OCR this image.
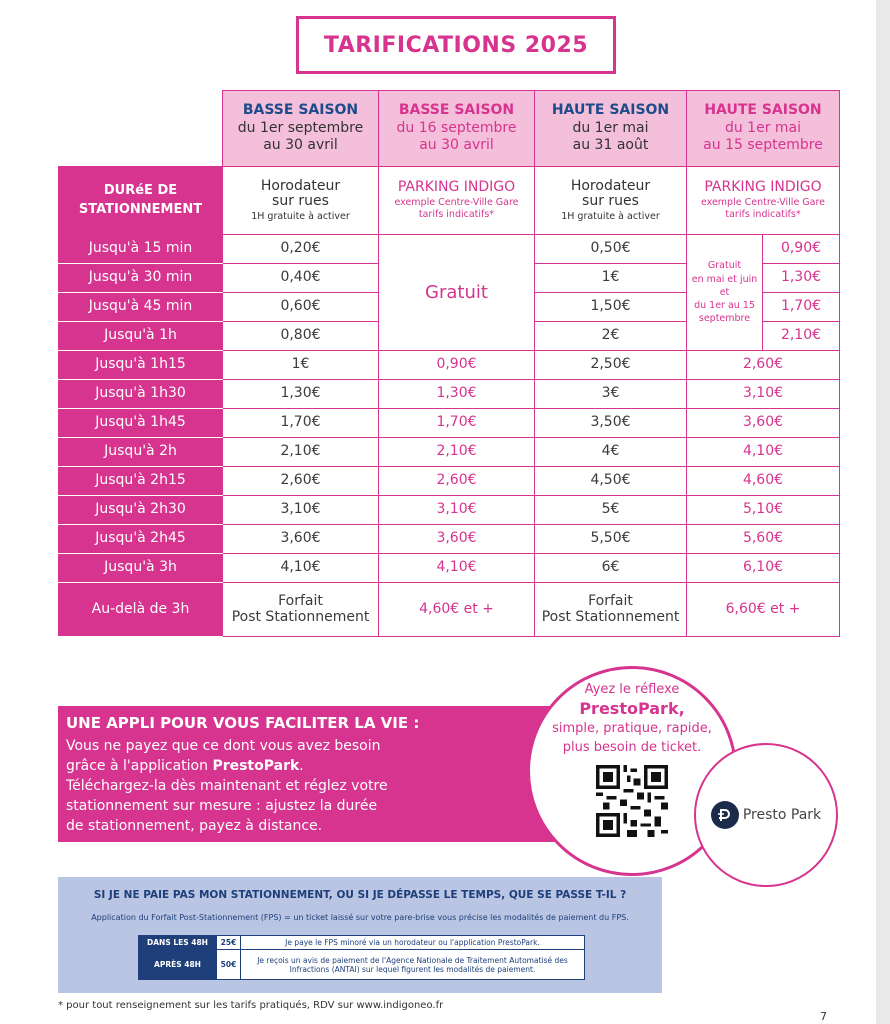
TARIFICATIONS 2025

	BASSE SAISON
du 1er septembre
au 30 avril	BASSE SAISON
du 16 septembre
au 30 avril	HAUTE SAISON
du 1er mai
au 31 août	HAUTE SAISON
du 1er mai
au 15 septembre	

DURéE DE
STATIONNEMENT	Horodateur
sur rues
1H gratuite à activer	PARKING INDIGO
exemple Centre-Ville Gare
tarifs indicatifs*	Horodateur
sur rues
1H gratuite à activer	PARKING INDIGO
exemple Centre-Ville Gare
tarifs indicatifs*	

Jusqu'à 15 min	0,20€	Gratuit	0,50€	Gratuit
en mai et juin
et
du 1er au 15
septembre	0,90€
Jusqu'à 30 min	0,40€		1€		1,30€
Jusqu'à 45 min	0,60€		1,50€		1,70€
Jusqu'à 1h	0,80€		2€		2,10€
Jusqu'à 1h15	1€	0,90€	2,50€	2,60€	
Jusqu'à 1h30	1,30€	1,30€	3€	3,10€	
Jusqu'à 1h45	1,70€	1,70€	3,50€	3,60€	
Jusqu'à 2h	2,10€	2,10€	4€	4,10€	
Jusqu'à 2h15	2,60€	2,60€	4,50€	4,60€	
Jusqu'à 2h30	3,10€	3,10€	5€	5,10€	
Jusqu'à 2h45	3,60€	3,60€	5,50€	5,60€	
Jusqu'à 3h	4,10€	4,10€	6€	6,10€	
Au-delà de 3h	Forfait
Post Stationnement	4,60€ et +	Forfait
Post Stationnement	6,60€ et +	
UNE APPLI POUR VOUS FACILITER LA VIE :
Vous ne payez que ce dont vous avez besoin
grâce à l'application PrestoPark.
Téléchargez-la dès maintenant et réglez votre
stationnement sur mesure : ajustez la durée
de stationnement, payez à distance.
Ayez le réflexe
PrestoPark,
simple, pratique, rapide,
plus besoin de ticket.
Presto Park
SI JE NE PAIE PAS MON STATIONNEMENT, OU SI JE DÉPASSE LE TEMPS, QUE SE PASSE T-IL ?
Application du Forfait Post-Stationnement (FPS) = un ticket laissé sur votre pare-brise vous précise les modalités de paiement du FPS.
DANS LES 48H	25€	Je paye le FPS minoré via un horodateur ou l'application PrestoPark.
APRÈS 48H	50€	Je reçois un avis de paiement de l'Agence Nationale de Traitement Automatisé des Infractions (ANTAI) sur lequel figurent les modalités de paiement.
* pour tout renseignement sur les tarifs pratiqués, RDV sur www.indigoneo.fr
7
